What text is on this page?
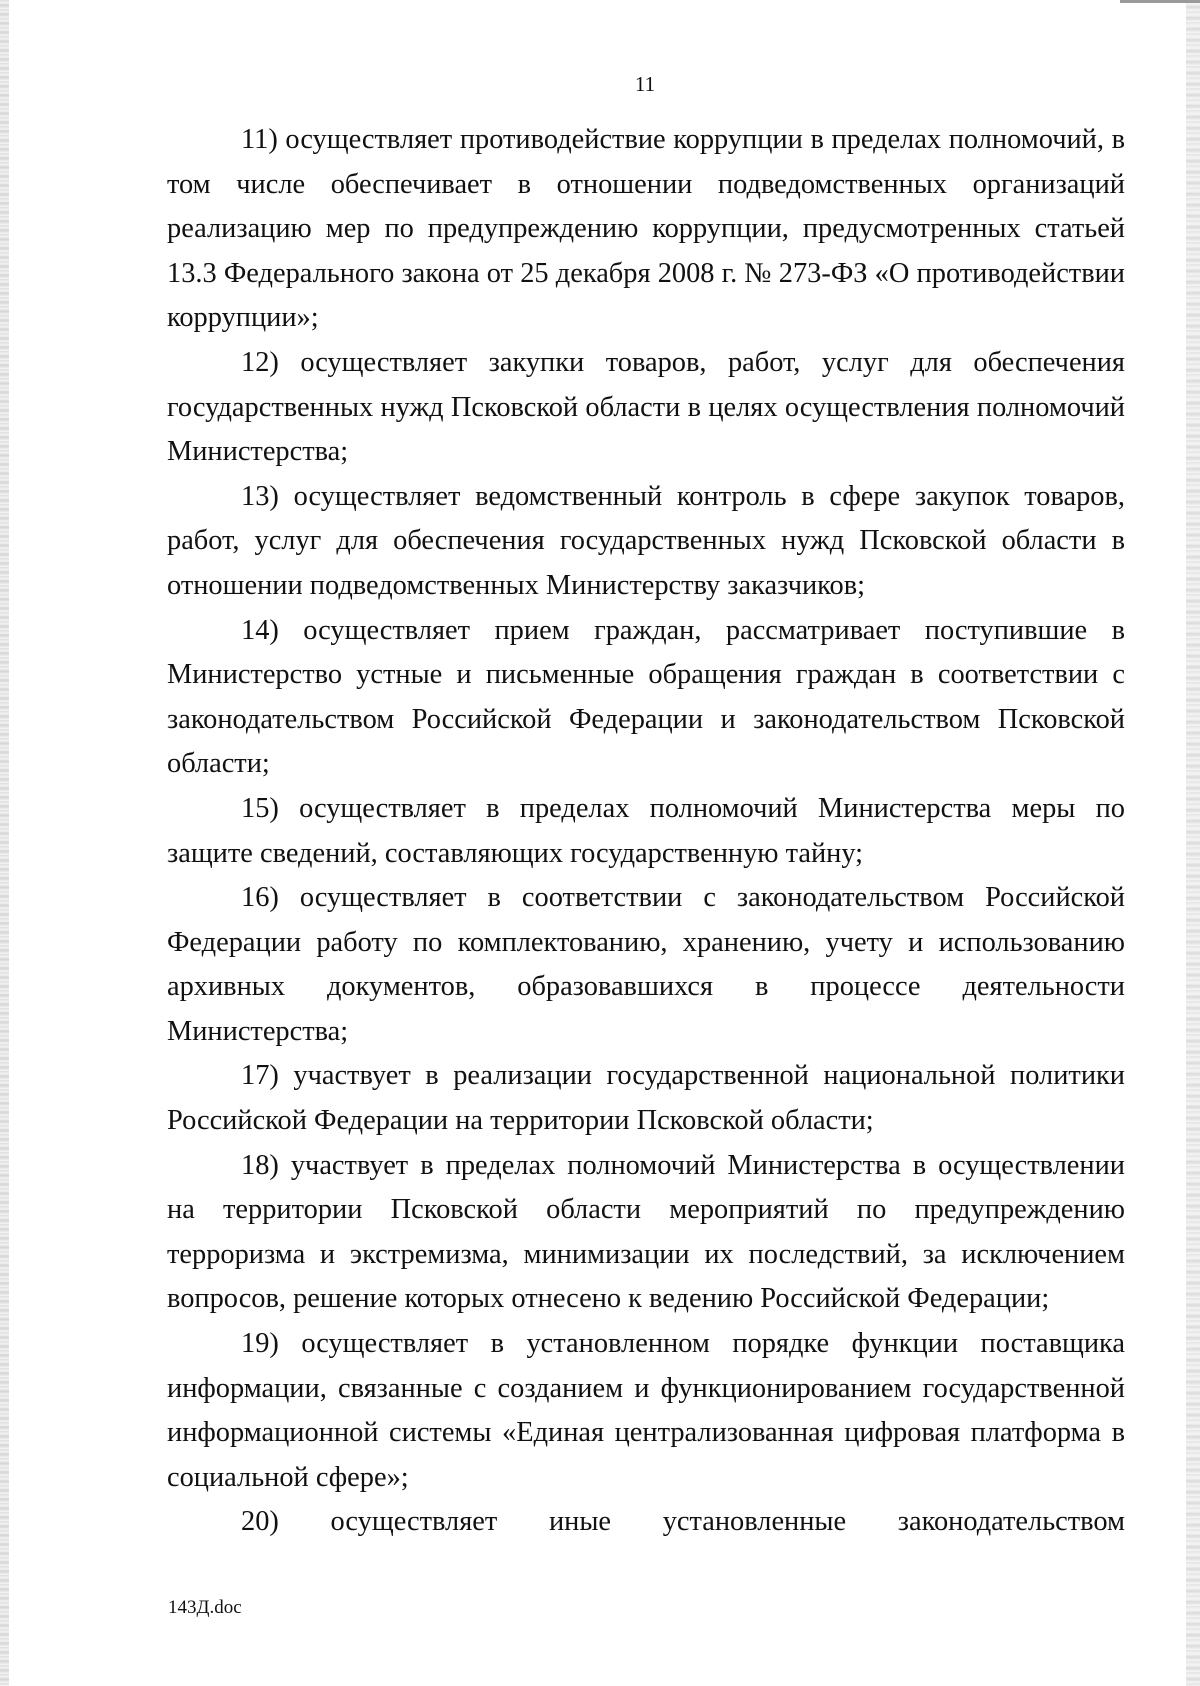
11

11) осуществляет противодействие коррупции в пределах полномочий, в том числе обеспечивает в отношении подведомственных организаций реализацию мер по предупреждению коррупции, предусмотренных статьей 13.3 Федерального закона от 25 декабря 2008 г. № 273-ФЗ «О противодействии коррупции»;

12) осуществляет закупки товаров, работ, услуг для обеспечения государственных нужд Псковской области в целях осуществления полномочий Министерства;

13) осуществляет ведомственный контроль в сфере закупок товаров, работ, услуг для обеспечения государственных нужд Псковской области в отношении подведомственных Министерству заказчиков;

14) осуществляет прием граждан, рассматривает поступившие в Министерство устные и письменные обращения граждан в соответствии с законодательством Российской Федерации и законодательством Псковской области;

15) осуществляет в пределах полномочий Министерства меры по защите сведений, составляющих государственную тайну;

16) осуществляет в соответствии с законодательством Российской Федерации работу по комплектованию, хранению, учету и использованию архивных документов, образовавшихся в процессе деятельности Министерства;

17) участвует в реализации государственной национальной политики Российской Федерации на территории Псковской области;

18) участвует в пределах полномочий Министерства в осуществлении на территории Псковской области мероприятий по предупреждению терроризма и экстремизма, минимизации их последствий, за исключением вопросов, решение которых отнесено к ведению Российской Федерации;

19) осуществляет в установленном порядке функции поставщика информации, связанные с созданием и функционированием государственной информационной системы «Единая централизованная цифровая платформа в социальной сфере»;

20) осуществляет иные установленные законодательством

143Д.doc
